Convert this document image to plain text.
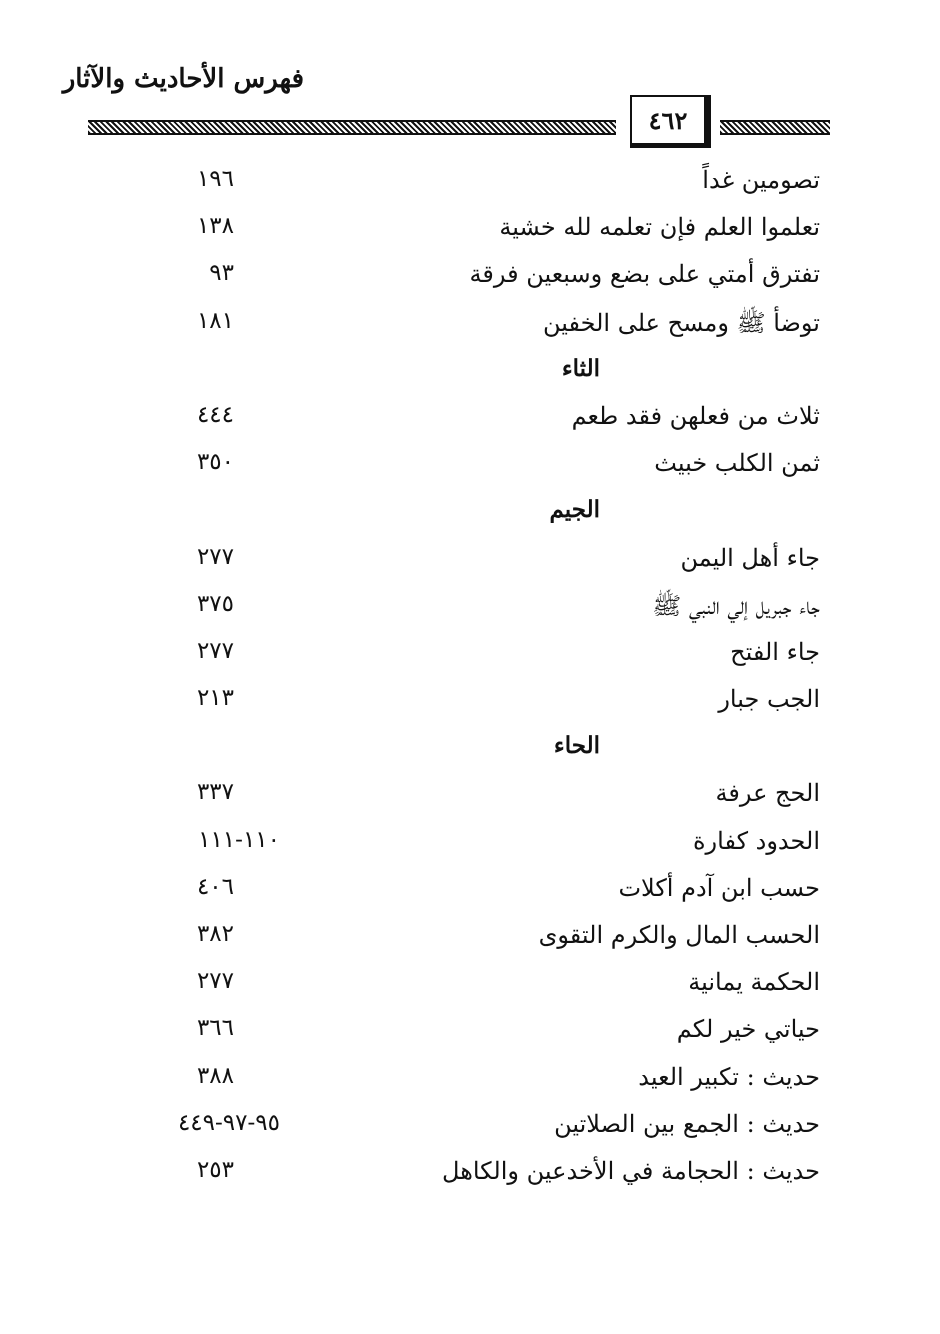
فهرس الأحاديث والآثار
٤٦٢
تصومين غداً
١٩٦
تعلموا العلم فإن تعلمه لله خشية
١٣٨
تفترق أمتي على بضع وسبعين فرقة
٩٣
توضأ ﷺ ومسح على الخفين
١٨١
الثاء
ثلاث من فعلهن فقد طعم
٤٤٤
ثمن الكلب خبيث
٣٥٠
الجيم
جاء أهل اليمن
٢٧٧
جاء جبريل إلي النبي ﷺ
٣٧٥
جاء الفتح
٢٧٧
الجب جبار
٢١٣
الحاء
الحج عرفة
٣٣٧
الحدود كفارة
١١٠-١١١
حسب ابن آدم أكلات
٤٠٦
الحسب المال والكرم التقوى
٣٨٢
الحكمة يمانية
٢٧٧
حياتي خير لكم
٣٦٦
حديث : تكبير العيد
٣٨٨
حديث : الجمع بين الصلاتين
٩٥-٩٧-٤٤٩
حديث : الحجامة في الأخدعين والكاهل
٢٥٣
